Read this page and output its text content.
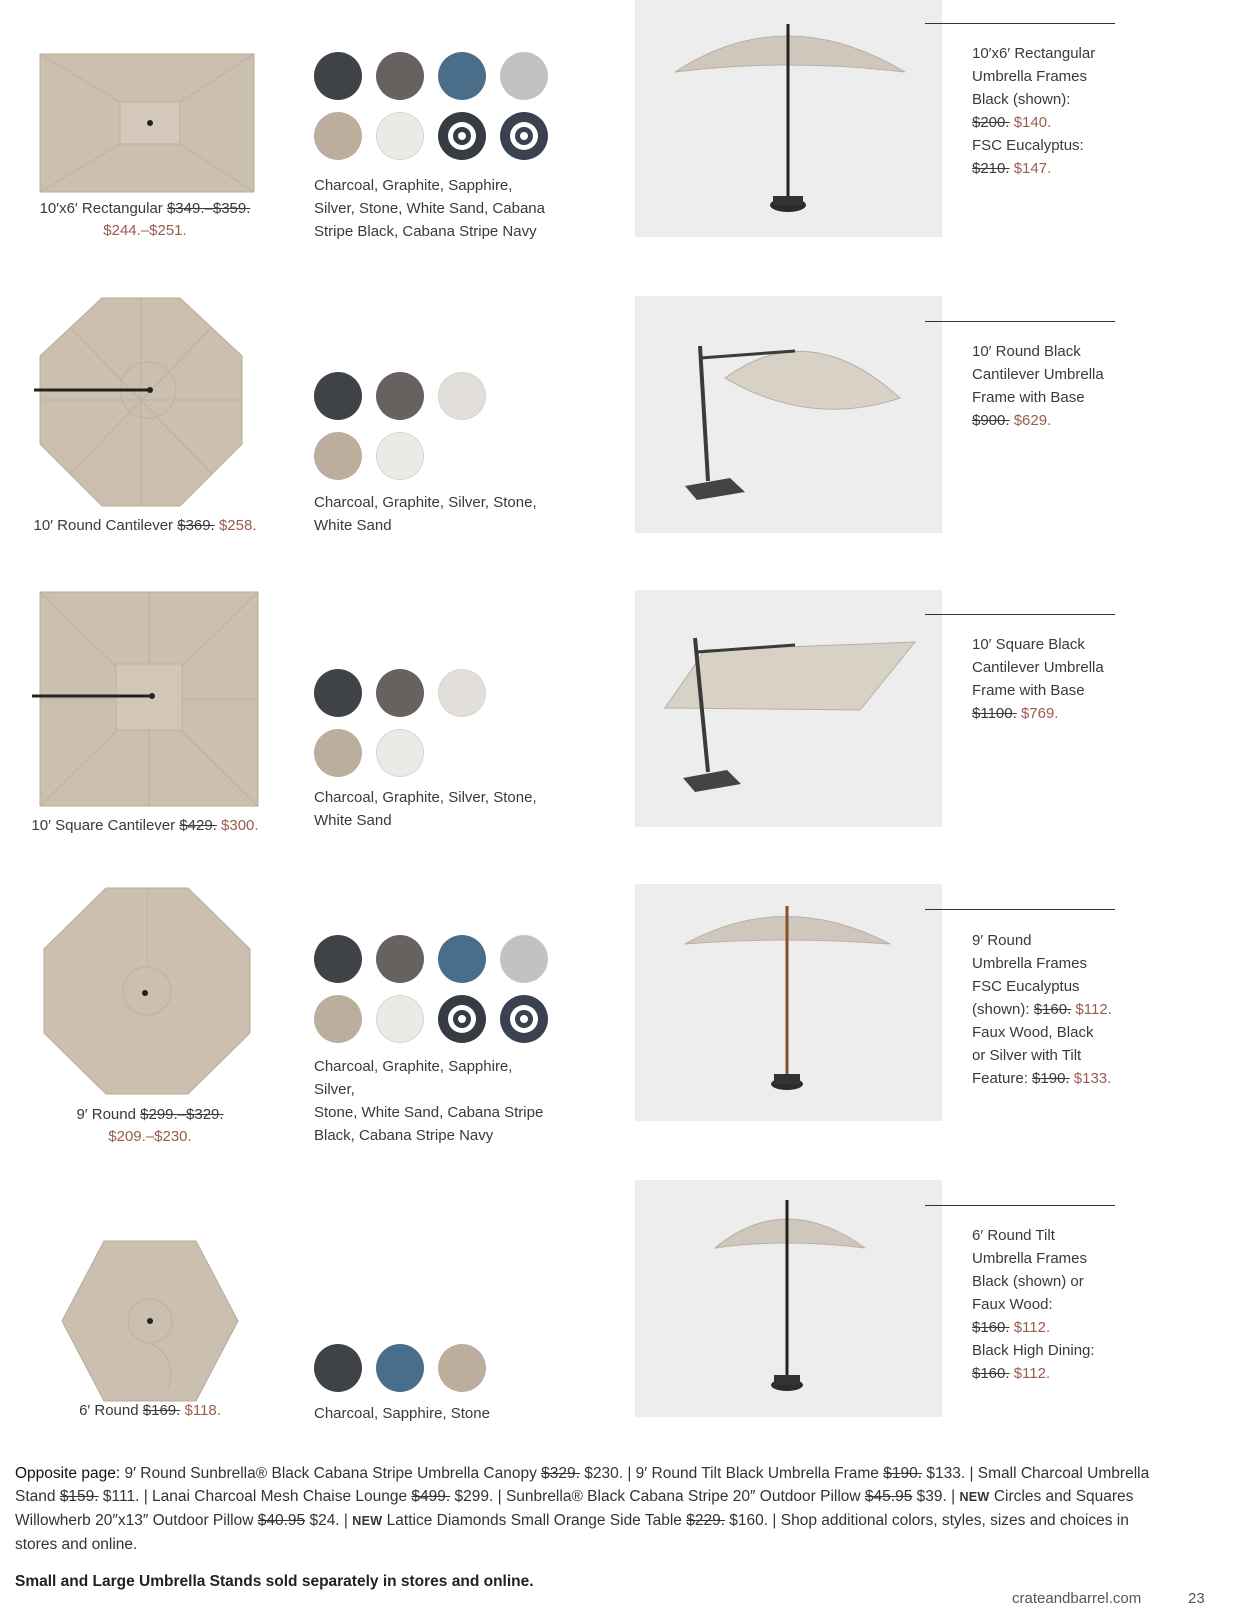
10′x6′ Rectangular $349.–$359.
$244.–$251.
Charcoal, Graphite, Sapphire,
Silver, Stone, White Sand, Cabana
Stripe Black, Cabana Stripe Navy
10′x6′ Rectangular
Umbrella Frames
Black (shown):
$200. $140.
FSC Eucalyptus:
$210. $147.
10′ Round Cantilever $369. $258.
Charcoal, Graphite, Silver, Stone,
White Sand
10′ Round Black
Cantilever Umbrella
Frame with Base
$900. $629.
10′ Square Cantilever $429. $300.
Charcoal, Graphite, Silver, Stone,
White Sand
10′ Square Black
Cantilever Umbrella
Frame with Base
$1100. $769.
9′ Round $299.–$329.
$209.–$230.
Charcoal, Graphite, Sapphire, Silver,
Stone, White Sand, Cabana Stripe
Black, Cabana Stripe Navy
9′ Round
Umbrella Frames
FSC Eucalyptus
(shown): $160. $112.
Faux Wood, Black
or Silver with Tilt
Feature: $190. $133.
6′ Round $169. $118.	Charcoal, Sapphire, Stone
6′ Round Tilt
Umbrella Frames
Black (shown) or
Faux Wood:
$160. $112.
Black High Dining:
$160. $112.
Opposite page: 9′ Round Sunbrella® Black Cabana Stripe Umbrella Canopy $329. $230. | 9′ Round Tilt Black Umbrella Frame $190. $133. | Small Charcoal Umbrella Stand $159. $111. | Lanai Charcoal Mesh Chaise Lounge $499. $299. | Sunbrella® Black Cabana Stripe 20″ Outdoor Pillow $45.95 $39. | NEW Circles and Squares Willowherb 20″x13″ Outdoor Pillow $40.95 $24. | NEW Lattice Diamonds Small Orange Side Table $229. $160. | Shop additional colors, styles, sizes and choices in stores and online.
Small and Large Umbrella Stands sold separately in stores and online.
crateandbarrel.com	23
